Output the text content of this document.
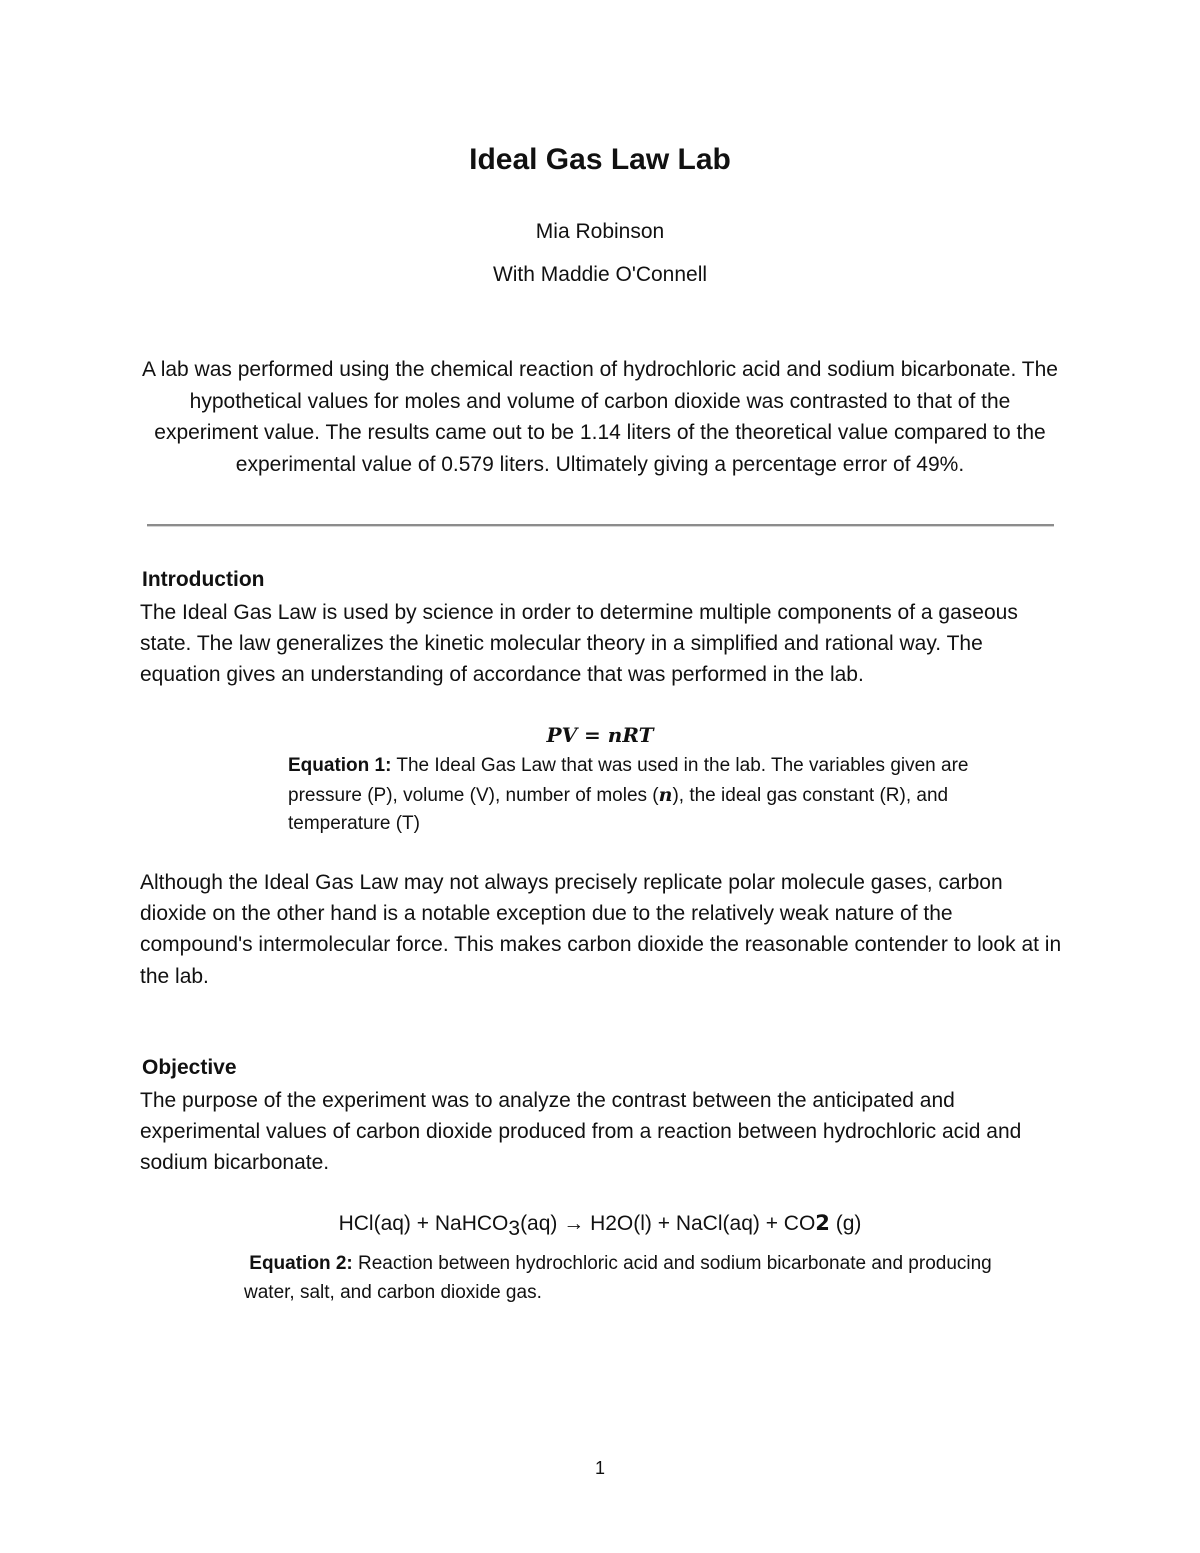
Ideal Gas Law Lab
Mia Robinson
With Maddie O'Connell
A lab was performed using the chemical reaction of hydrochloric acid and sodium bicarbonate. The hypothetical values for moles and volume of carbon dioxide was contrasted to that of the experiment value. The results came out to be 1.14 liters of the theoretical value compared to the experimental value of 0.579 liters. Ultimately giving a percentage error of 49%.
Introduction
The Ideal Gas Law is used by science in order to determine multiple components of a gaseous state. The law generalizes the kinetic molecular theory in a simplified and rational way. The equation gives an understanding of accordance that was performed in the lab.
PV = nRT
Equation 1: The Ideal Gas Law that was used in the lab. The variables given are pressure (P), volume (V), number of moles (n), the ideal gas constant (R), and temperature (T)
Although the Ideal Gas Law may not always precisely replicate polar molecule gases, carbon dioxide on the other hand is a notable exception due to the relatively weak nature of the compound's intermolecular force. This makes carbon dioxide the reasonable contender to look at in the lab.
Objective
The purpose of the experiment was to analyze the contrast between the anticipated and experimental values of carbon dioxide produced from a reaction between hydrochloric acid and sodium bicarbonate.
HCl(aq) + NaHCO$_3$(aq) → H2O(l) + NaCl(aq) + CO2 (g)
Equation 2: Reaction between hydrochloric acid and sodium bicarbonate and producing water, salt, and carbon dioxide gas.
1
